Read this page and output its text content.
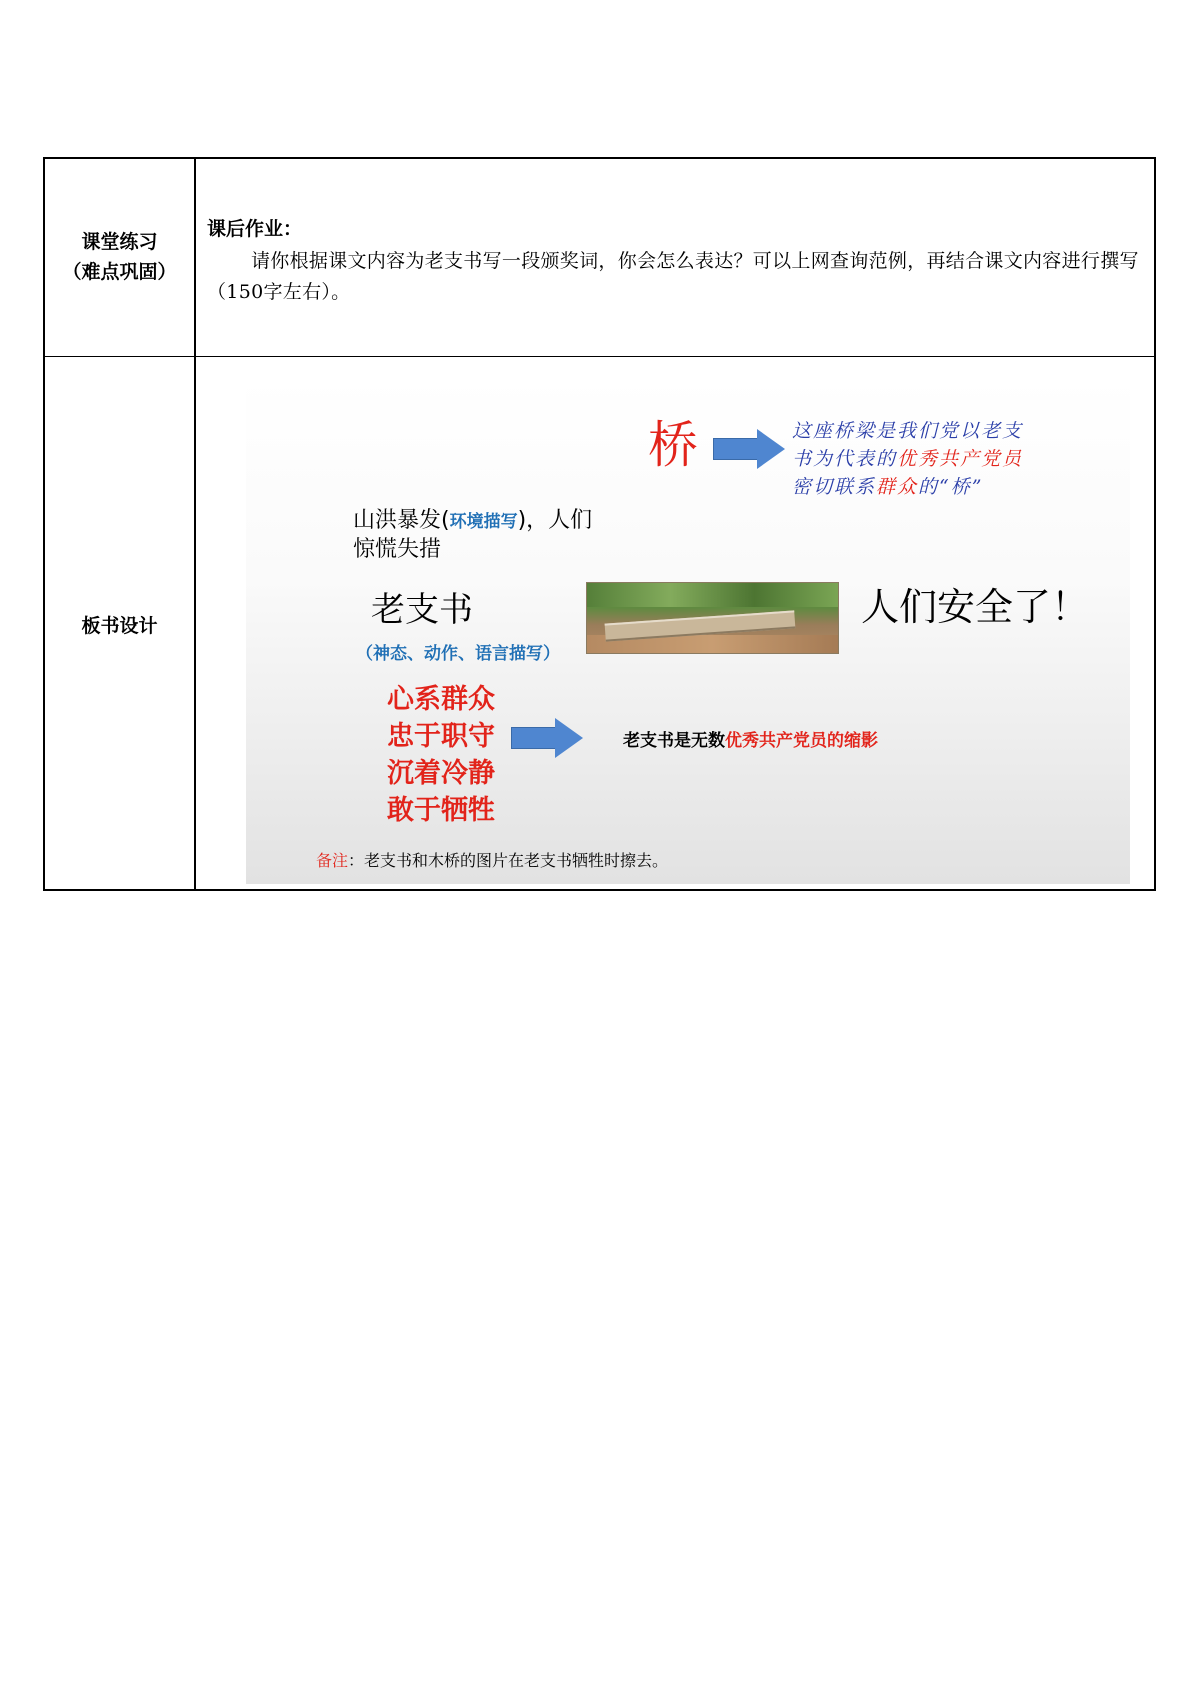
课堂练习
（难点巩固）
课后作业：
请你根据课文内容为老支书写一段颁奖词，你会怎么表达？可以上网查询范例，再结合课文内容进行撰写（150字左右）。
板书设计
桥	这座桥梁是我们党以老支
书为代表的优秀共产党员
密切联系群众的“桥”
山洪暴发(环境描写)，人们
惊慌失措
老支书
（神态、动作、语言描写）
人们安全了！
心系群众
忠于职守
沉着冷静
敢于牺牲
老支书是无数优秀共产党员的缩影
备注：老支书和木桥的图片在老支书牺牲时擦去。
